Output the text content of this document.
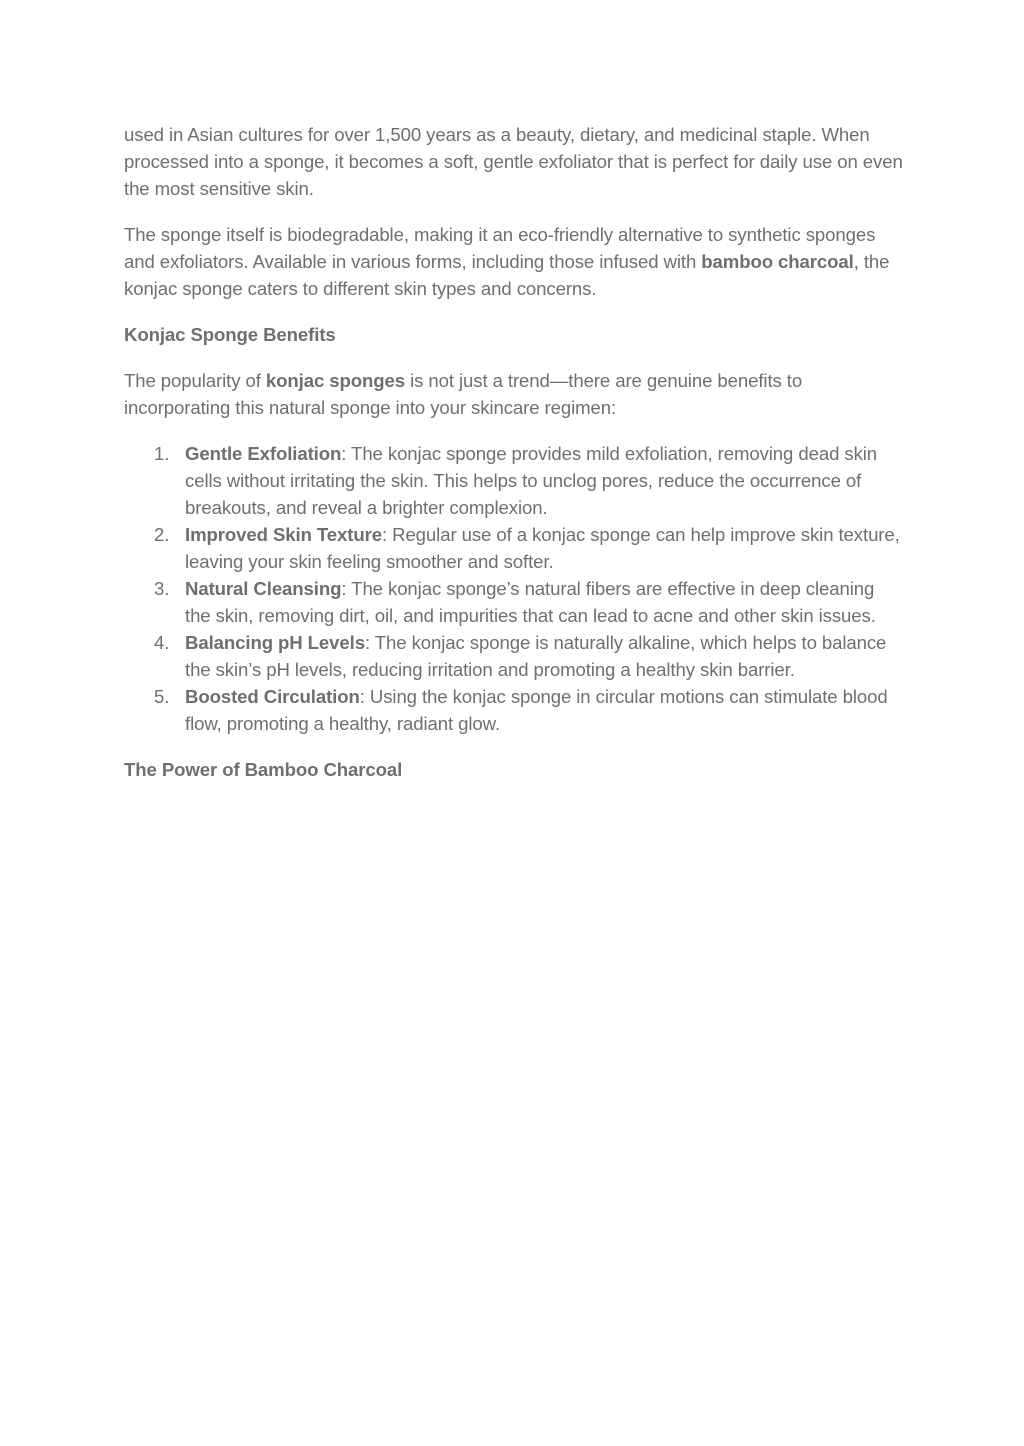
used in Asian cultures for over 1,500 years as a beauty, dietary, and medicinal staple. When processed into a sponge, it becomes a soft, gentle exfoliator that is perfect for daily use on even the most sensitive skin.

The sponge itself is biodegradable, making it an eco-friendly alternative to synthetic sponges and exfoliators. Available in various forms, including those infused with bamboo charcoal, the konjac sponge caters to different skin types and concerns.

Konjac Sponge Benefits

The popularity of konjac sponges is not just a trend—there are genuine benefits to incorporating this natural sponge into your skincare regimen:

1. Gentle Exfoliation: The konjac sponge provides mild exfoliation, removing dead skin cells without irritating the skin. This helps to unclog pores, reduce the occurrence of breakouts, and reveal a brighter complexion.
2. Improved Skin Texture: Regular use of a konjac sponge can help improve skin texture, leaving your skin feeling smoother and softer.
3. Natural Cleansing: The konjac sponge’s natural fibers are effective in deep cleaning the skin, removing dirt, oil, and impurities that can lead to acne and other skin issues.
4. Balancing pH Levels: The konjac sponge is naturally alkaline, which helps to balance the skin’s pH levels, reducing irritation and promoting a healthy skin barrier.
5. Boosted Circulation: Using the konjac sponge in circular motions can stimulate blood flow, promoting a healthy, radiant glow.

The Power of Bamboo Charcoal
